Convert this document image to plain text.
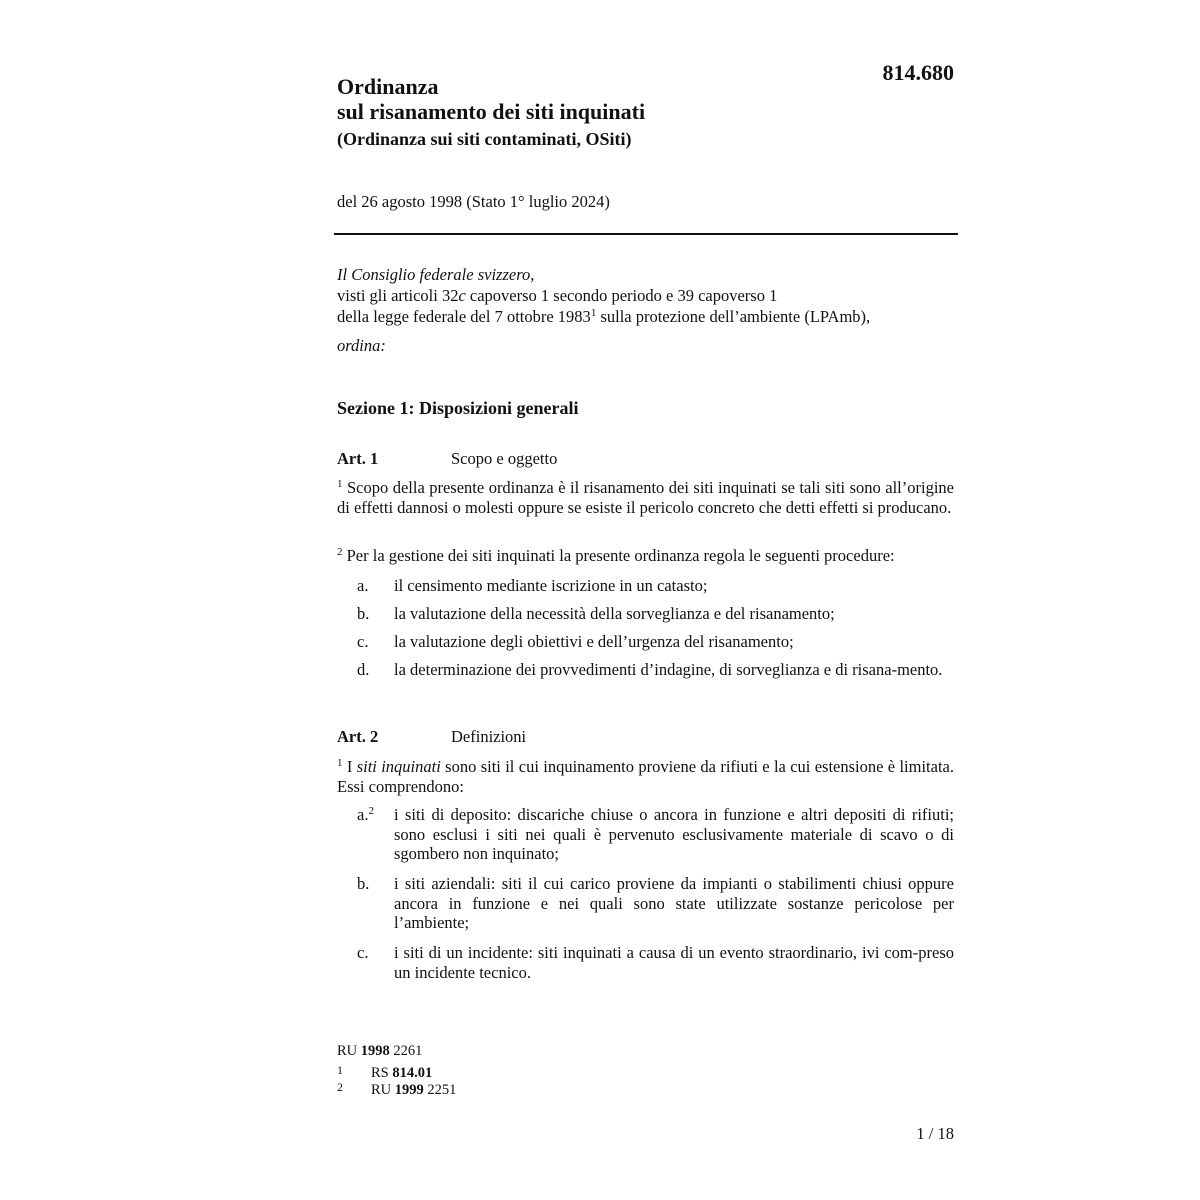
814.680
Ordinanza
sul risanamento dei siti inquinati
(Ordinanza sui siti contaminati, OSiti)
del 26 agosto 1998 (Stato 1° luglio 2024)
Il Consiglio federale svizzero,
visti gli articoli 32c capoverso 1 secondo periodo e 39 capoverso 1
della legge federale del 7 ottobre 1983$^1$ sulla protezione dell’ambiente (LPAmb),
ordina:
Sezione 1: Disposizioni generali
Art. 1	Scopo e oggetto
$^1$ Scopo della presente ordinanza è il risanamento dei siti inquinati se tali siti sono all’origine di effetti dannosi o molesti oppure se esiste il pericolo concreto che detti effetti si producano.
$^2$ Per la gestione dei siti inquinati la presente ordinanza regola le seguenti procedure:
a. il censimento mediante iscrizione in un catasto;
b. la valutazione della necessità della sorveglianza e del risanamento;
c. la valutazione degli obiettivi e dell’urgenza del risanamento;
d. la determinazione dei provvedimenti d’indagine, di sorveglianza e di risana-mento.
Art. 2	Definizioni
$^1$ I siti inquinati sono siti il cui inquinamento proviene da rifiuti e la cui estensione è limitata. Essi comprendono:
a.$^2$ i siti di deposito: discariche chiuse o ancora in funzione e altri depositi di rifiuti; sono esclusi i siti nei quali è pervenuto esclusivamente materiale di scavo o di sgombero non inquinato;
b. i siti aziendali: siti il cui carico proviene da impianti o stabilimenti chiusi oppure ancora in funzione e nei quali sono state utilizzate sostanze pericolose per l’ambiente;
c. i siti di un incidente: siti inquinati a causa di un evento straordinario, ivi com-preso un incidente tecnico.
RU 1998 2261
1 RS 814.01
2 RU 1999 2251
1 / 18
